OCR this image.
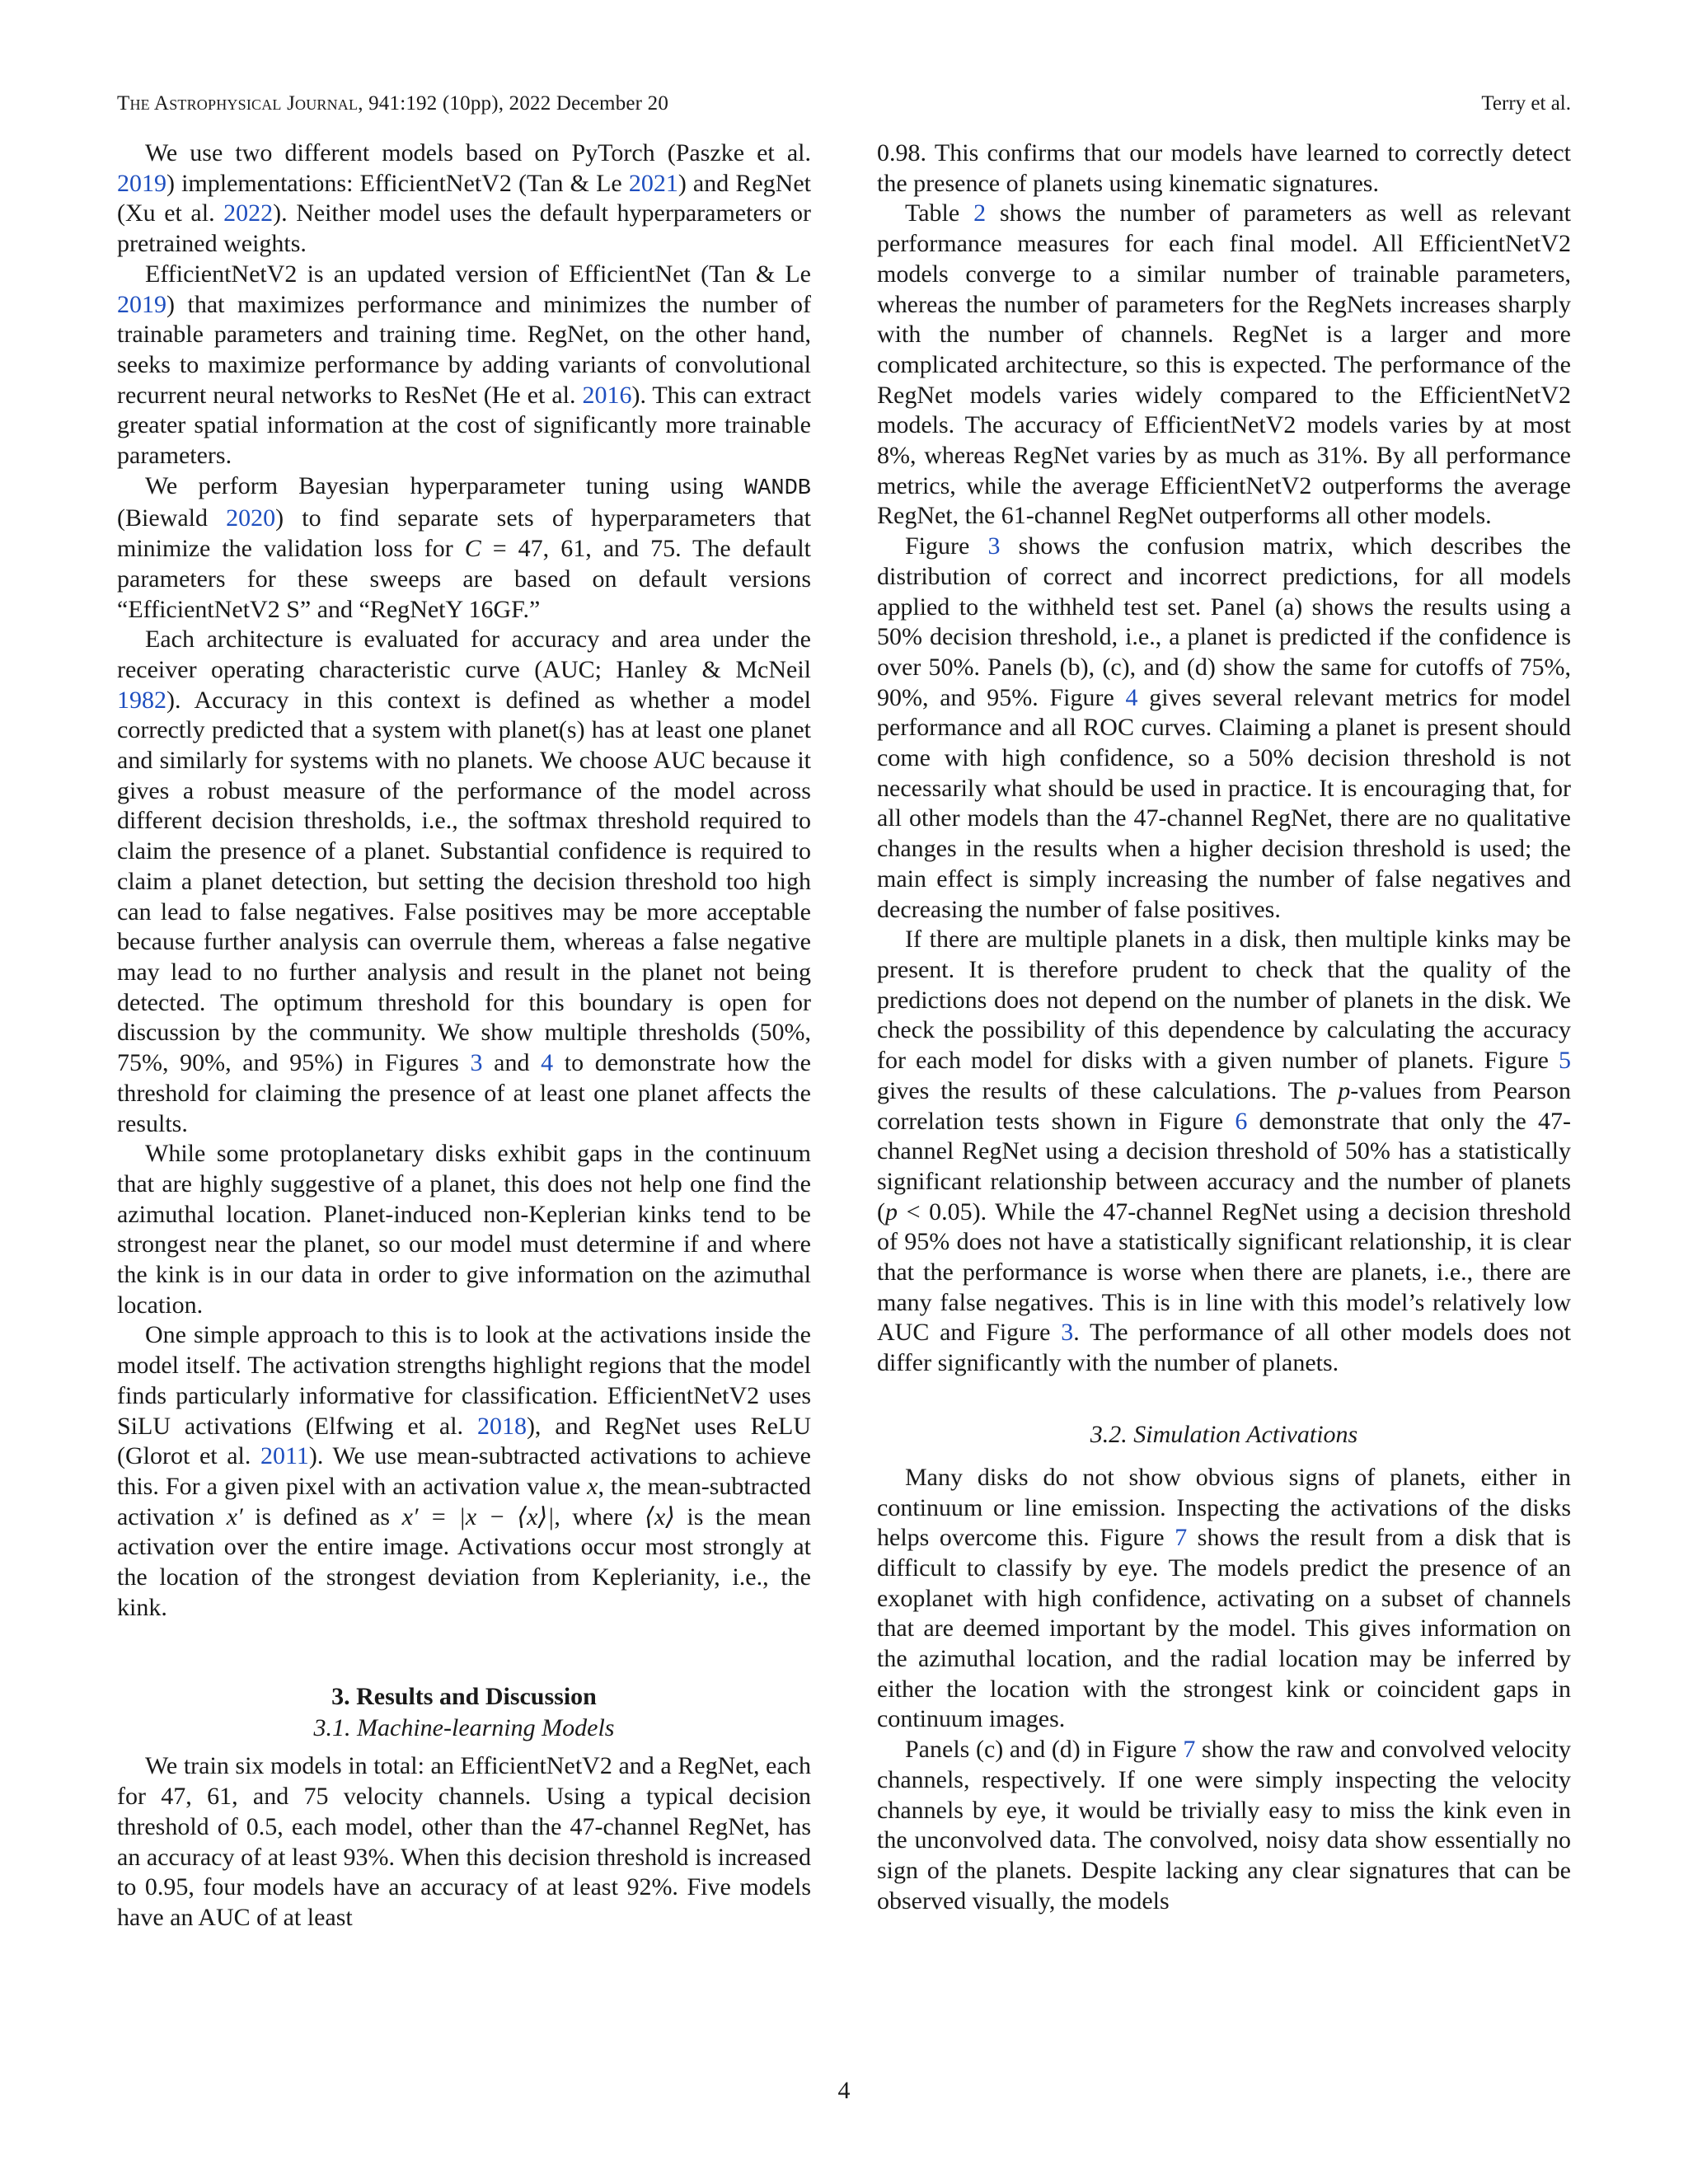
The Astrophysical Journal, 941:192 (10pp), 2022 December 20	Terry et al.

We use two different models based on PyTorch (Paszke et al. 2019) implementations: EfficientNetV2 (Tan & Le 2021) and RegNet (Xu et al. 2022). Neither model uses the default hyperparameters or pretrained weights.

EfficientNetV2 is an updated version of EfficientNet (Tan & Le 2019) that maximizes performance and minimizes the number of trainable parameters and training time. RegNet, on the other hand, seeks to maximize performance by adding variants of convolutional recurrent neural networks to ResNet (He et al. 2016). This can extract greater spatial information at the cost of significantly more trainable parameters.

We perform Bayesian hyperparameter tuning using WANDB (Biewald 2020) to find separate sets of hyperparameters that minimize the validation loss for C = 47, 61, and 75. The default parameters for these sweeps are based on default versions “EfficientNetV2 S” and “RegNetY 16GF.”

Each architecture is evaluated for accuracy and area under the receiver operating characteristic curve (AUC; Hanley & McNeil 1982). Accuracy in this context is defined as whether a model correctly predicted that a system with planet(s) has at least one planet and similarly for systems with no planets. We choose AUC because it gives a robust measure of the performance of the model across different decision thresholds, i.e., the softmax threshold required to claim the presence of a planet. Substantial confidence is required to claim a planet detection, but setting the decision threshold too high can lead to false negatives. False positives may be more acceptable because further analysis can overrule them, whereas a false negative may lead to no further analysis and result in the planet not being detected. The optimum threshold for this boundary is open for discussion by the community. We show multiple thresholds (50%, 75%, 90%, and 95%) in Figures 3 and 4 to demonstrate how the threshold for claiming the presence of at least one planet affects the results.

While some protoplanetary disks exhibit gaps in the continuum that are highly suggestive of a planet, this does not help one find the azimuthal location. Planet-induced non-Keplerian kinks tend to be strongest near the planet, so our model must determine if and where the kink is in our data in order to give information on the azimuthal location.

One simple approach to this is to look at the activations inside the model itself. The activation strengths highlight regions that the model finds particularly informative for classification. EfficientNetV2 uses SiLU activations (Elfwing et al. 2018), and RegNet uses ReLU (Glorot et al. 2011). We use mean-subtracted activations to achieve this. For a given pixel with an activation value x, the mean-subtracted activation x′ is defined as x′ = |x − ⟨x⟩|, where ⟨x⟩ is the mean activation over the entire image. Activations occur most strongly at the location of the strongest deviation from Keplerianity, i.e., the kink.

3. Results and Discussion
3.1. Machine-learning Models

We train six models in total: an EfficientNetV2 and a RegNet, each for 47, 61, and 75 velocity channels. Using a typical decision threshold of 0.5, each model, other than the 47-channel RegNet, has an accuracy of at least 93%. When this decision threshold is increased to 0.95, four models have an accuracy of at least 92%. Five models have an AUC of at least

0.98. This confirms that our models have learned to correctly detect the presence of planets using kinematic signatures.

Table 2 shows the number of parameters as well as relevant performance measures for each final model. All EfficientNetV2 models converge to a similar number of trainable parameters, whereas the number of parameters for the RegNets increases sharply with the number of channels. RegNet is a larger and more complicated architecture, so this is expected. The performance of the RegNet models varies widely compared to the EfficientNetV2 models. The accuracy of EfficientNetV2 models varies by at most 8%, whereas RegNet varies by as much as 31%. By all performance metrics, while the average EfficientNetV2 outperforms the average RegNet, the 61-channel RegNet outperforms all other models.

Figure 3 shows the confusion matrix, which describes the distribution of correct and incorrect predictions, for all models applied to the withheld test set. Panel (a) shows the results using a 50% decision threshold, i.e., a planet is predicted if the confidence is over 50%. Panels (b), (c), and (d) show the same for cutoffs of 75%, 90%, and 95%. Figure 4 gives several relevant metrics for model performance and all ROC curves. Claiming a planet is present should come with high confidence, so a 50% decision threshold is not necessarily what should be used in practice. It is encouraging that, for all other models than the 47-channel RegNet, there are no qualitative changes in the results when a higher decision threshold is used; the main effect is simply increasing the number of false negatives and decreasing the number of false positives.

If there are multiple planets in a disk, then multiple kinks may be present. It is therefore prudent to check that the quality of the predictions does not depend on the number of planets in the disk. We check the possibility of this dependence by calculating the accuracy for each model for disks with a given number of planets. Figure 5 gives the results of these calculations. The p-values from Pearson correlation tests shown in Figure 6 demonstrate that only the 47-channel RegNet using a decision threshold of 50% has a statistically significant relationship between accuracy and the number of planets (p < 0.05). While the 47-channel RegNet using a decision threshold of 95% does not have a statistically significant relationship, it is clear that the performance is worse when there are planets, i.e., there are many false negatives. This is in line with this model’s relatively low AUC and Figure 3. The performance of all other models does not differ significantly with the number of planets.

3.2. Simulation Activations

Many disks do not show obvious signs of planets, either in continuum or line emission. Inspecting the activations of the disks helps overcome this. Figure 7 shows the result from a disk that is difficult to classify by eye. The models predict the presence of an exoplanet with high confidence, activating on a subset of channels that are deemed important by the model. This gives information on the azimuthal location, and the radial location may be inferred by either the location with the strongest kink or coincident gaps in continuum images.

Panels (c) and (d) in Figure 7 show the raw and convolved velocity channels, respectively. If one were simply inspecting the velocity channels by eye, it would be trivially easy to miss the kink even in the unconvolved data. The convolved, noisy data show essentially no sign of the planets. Despite lacking any clear signatures that can be observed visually, the models

4
